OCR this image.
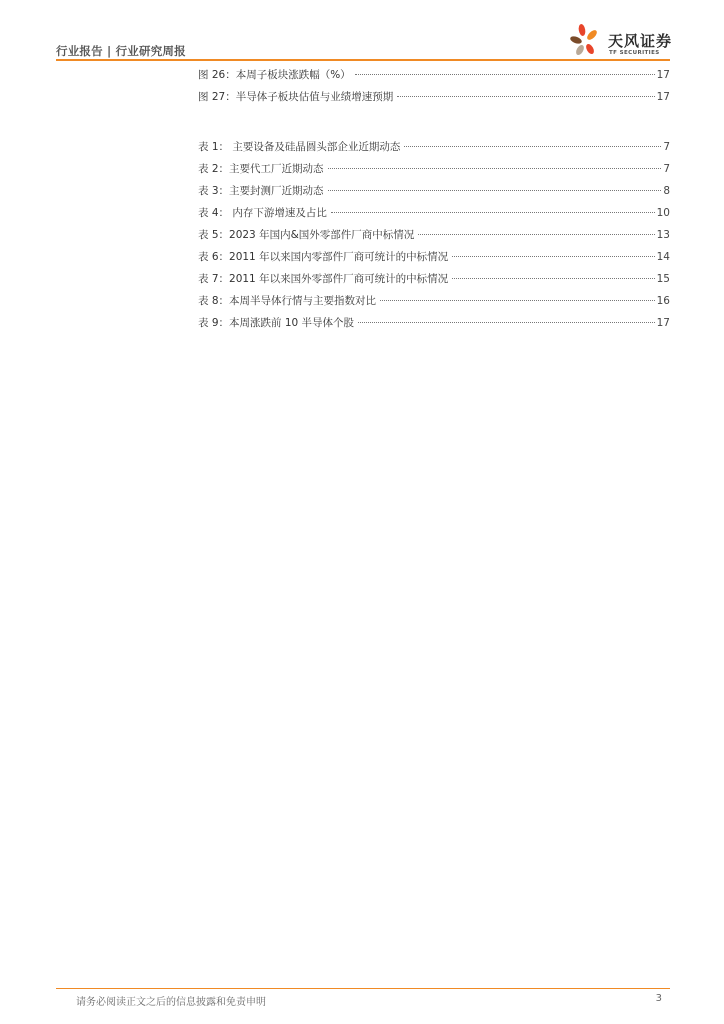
行业报告 | 行业研究周报
天风证券
TF SECURITIES
图 26：本周子板块涨跌幅（%）	17
图 27：半导体子板块估值与业绩增速预期	17
表 1： 主要设备及硅晶圆头部企业近期动态	7
表 2：主要代工厂近期动态	7
表 3：主要封测厂近期动态	8
表 4： 内存下游增速及占比	10
表 5：2023 年国内&国外零部件厂商中标情况	13
表 6：2011 年以来国内零部件厂商可统计的中标情况	14
表 7：2011 年以来国外零部件厂商可统计的中标情况	15
表 8：本周半导体行情与主要指数对比	16
表 9：本周涨跌前 10 半导体个股	17
请务必阅读正文之后的信息披露和免责申明	3
